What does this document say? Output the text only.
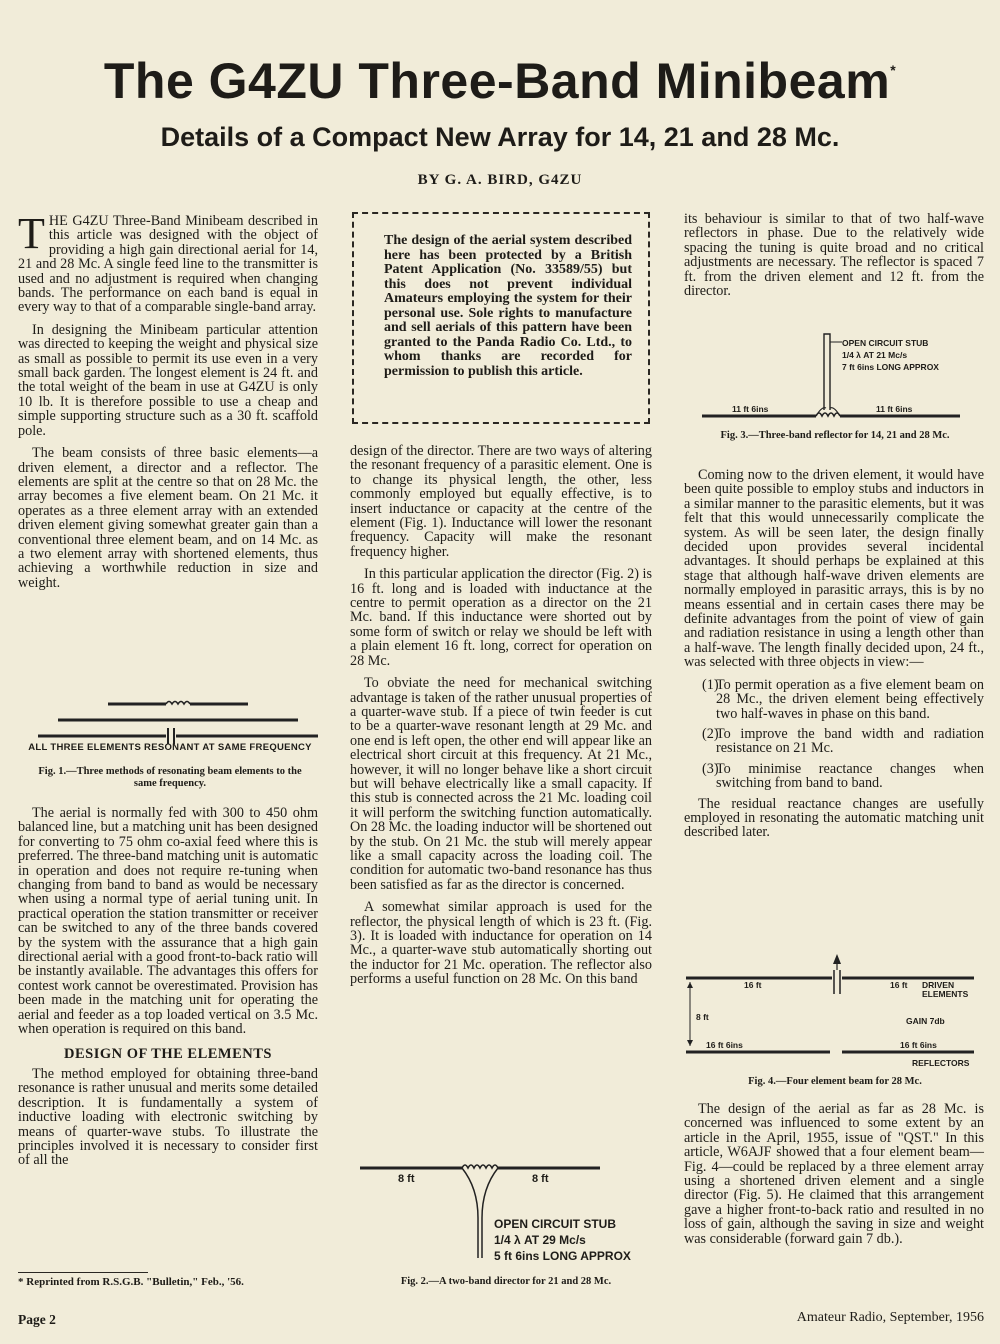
The G4ZU Three-Band Minibeam*
Details of a Compact New Array for 14, 21 and 28 Mc.
BY G. A. BIRD, G4ZU

THE G4ZU Three-Band Minibeam described in this article was designed with the object of providing a high gain directional aerial for 14, 21 and 28 Mc. A single feed line to the transmitter is used and no adjustment is required when changing bands. The performance on each band is equal in every way to that of a comparable single-band array.

In designing the Minibeam particular attention was directed to keeping the weight and physical size as small as possible to permit its use even in a very small back garden. The longest element is 24 ft. and the total weight of the beam in use at G4ZU is only 10 lb. It is therefore possible to use a cheap and simple supporting structure such as a 30 ft. scaffold pole.

The beam consists of three basic elements—a driven element, a director and a reflector. The elements are split at the centre so that on 28 Mc. the array becomes a five element beam. On 21 Mc. it operates as a three element array with an extended driven element giving somewhat greater gain than a conventional three element beam, and on 14 Mc. as a two element array with shortened elements, thus achieving a worthwhile reduction in size and weight.

ALL THREE ELEMENTS RESONANT AT SAME FREQUENCY
Fig. 1.—Three methods of resonating beam elements to the same frequency.

The aerial is normally fed with 300 to 450 ohm balanced line, but a matching unit has been designed for converting to 75 ohm co-axial feed where this is preferred. The three-band matching unit is automatic in operation and does not require re-tuning when changing from band to band as would be necessary when using a normal type of aerial tuning unit. In practical operation the station transmitter or receiver can be switched to any of the three bands covered by the system with the assurance that a high gain directional aerial with a good front-to-back ratio will be instantly available. The advantages this offers for contest work cannot be overestimated. Provision has been made in the matching unit for operating the aerial and feeder as a top loaded vertical on 3.5 Mc. when operation is required on this band.

DESIGN OF THE ELEMENTS

The method employed for obtaining three-band resonance is rather unusual and merits some detailed description. It is fundamentally a system of inductive loading with electronic switching by means of quarter-wave stubs. To illustrate the principles involved it is necessary to consider first of all the

* Reprinted from R.S.G.B. "Bulletin," Feb., '56.
The design of the aerial system described here has been protected by a British Patent Application (No. 33589/55) but this does not prevent individual Amateurs employing the system for their personal use. Sole rights to manufacture and sell aerials of this pattern have been granted to the Panda Radio Co. Ltd., to whom thanks are recorded for permission to publish this article.

design of the director. There are two ways of altering the resonant frequency of a parasitic element. One is to change its physical length, the other, less commonly employed but equally effective, is to insert inductance or capacity at the centre of the element (Fig. 1). Inductance will lower the resonant frequency. Capacity will make the resonant frequency higher.

In this particular application the director (Fig. 2) is 16 ft. long and is loaded with inductance at the centre to permit operation as a director on the 21 Mc. band. If this inductance were shorted out by some form of switch or relay we should be left with a plain element 16 ft. long, correct for operation on 28 Mc.

To obviate the need for mechanical switching advantage is taken of the rather unusual properties of a quarter-wave stub. If a piece of twin feeder is cut to be a quarter-wave resonant length at 29 Mc. and one end is left open, the other end will appear like an electrical short circuit at this frequency. At 21 Mc., however, it will no longer behave like a short circuit but will behave electrically like a small capacity. If this stub is connected across the 21 Mc. loading coil it will perform the switching function automatically. On 28 Mc. the loading inductor will be shortened out by the stub. On 21 Mc. the stub will merely appear like a small capacity across the loading coil. The condition for automatic two-band resonance has thus been satisfied as far as the director is concerned.

A somewhat similar approach is used for the reflector, the physical length of which is 23 ft. (Fig. 3). It is loaded with inductance for operation on 14 Mc., a quarter-wave stub automatically shorting out the inductor for 21 Mc. operation. The reflector also performs a useful function on 28 Mc. On this band

8 ft	8 ft
OPEN CIRCUIT STUB
1/4 λ AT 29 Mc/s
5 ft 6ins LONG APPROX
Fig. 2.—A two-band director for 21 and 28 Mc.

its behaviour is similar to that of two half-wave reflectors in phase. Due to the relatively wide spacing the tuning is quite broad and no critical adjustments are necessary. The reflector is spaced 7 ft. from the driven element and 12 ft. from the director.

OPEN CIRCUIT STUB
1/4 λ AT 21 Mc/s
7 ft 6ins LONG APPROX
11 ft 6ins	11 ft 6ins
Fig. 3.—Three-band reflector for 14, 21 and 28 Mc.

Coming now to the driven element, it would have been quite possible to employ stubs and inductors in a similar manner to the parasitic elements, but it was felt that this would unnecessarily complicate the system. As will be seen later, the design finally decided upon provides several incidental advantages. It should perhaps be explained at this stage that although half-wave driven elements are normally employed in parasitic arrays, this is by no means essential and in certain cases there may be definite advantages from the point of view of gain and radiation resistance in using a length other than a half-wave. The length finally decided upon, 24 ft., was selected with three objects in view:—

(1)
To permit operation as a five element beam on 28 Mc., the driven element being effectively two half-waves in phase on this band.
(2)
To improve the band width and radiation resistance on 21 Mc.
(3)
To minimise reactance changes when switching from band to band.

The residual reactance changes are usefully employed in resonating the automatic matching unit described later.

16 ft	16 ft DRIVEN
ELEMENTS
8 ft	GAIN 7db
16 ft 6ins	16 ft 6ins
REFLECTORS
Fig. 4.—Four element beam for 28 Mc.

The design of the aerial as far as 28 Mc. is concerned was influenced to some extent by an article in the April, 1955, issue of "QST." In this article, W6AJF showed that a four element beam—Fig. 4—could be replaced by a three element array using a shortened driven element and a single director (Fig. 5). He claimed that this arrangement gave a higher front-to-back ratio and resulted in no loss of gain, although the saving in size and weight was considerable (forward gain 7 db.).

Page 2	Amateur Radio, September, 1956
